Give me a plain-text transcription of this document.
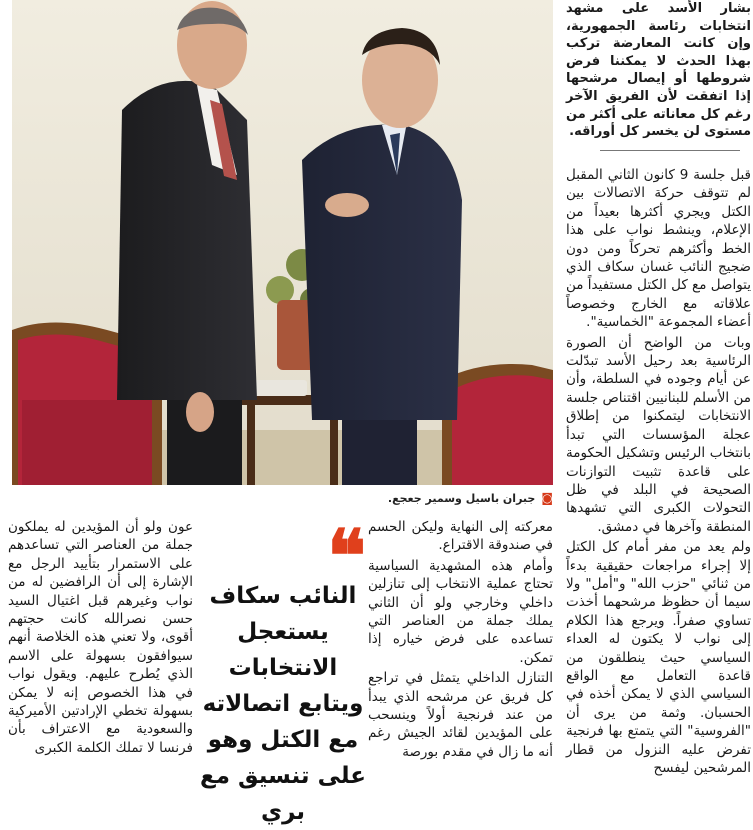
◙جبران باسيل وسمير جعجع.

بشار الأسد على مشهد انتخابات رئاسة الجمهورية، وإن كانت المعارضة تركب بهذا الحدث لا يمكننا فرض شروطها أو إيصال مرشحها إذا اتفقت لأن الفريق الآخر رغم كل معاناته على أكثر من مستوى لن يخسر كل أوراقه.

قبل جلسة 9 كانون الثاني المقبل لم تتوقف حركة الاتصالات بين الكتل ويجري أكثرها بعيداً من الإعلام، وينشط نواب على هذا الخط وأكثرهم تحركاً ومن دون ضجيج النائب غسان سكاف الذي يتواصل مع كل الكتل مستفيداً من علاقاته مع الخارج وخصوصاً أعضاء المجموعة "الخماسية".

وبات من الواضح أن الصورة الرئاسية بعد رحيل الأسد تبدّلت عن أيام وجوده في السلطة، وأن من الأسلم للبنانيين اقتناص جلسة الانتخابات ليتمكنوا من إطلاق عجلة المؤسسات التي تبدأ بانتخاب الرئيس وتشكيل الحكومة على قاعدة تثبيت التوازنات الصحيحة في البلد في ظل التحولات الكبرى التي تشهدها المنطقة وآخرها في دمشق.

ولم يعد من مفر أمام كل الكتل إلا إجراء مراجعات حقيقية بدءاً من ثنائي "حزب الله" و"أمل" ولا سيما أن حظوظ مرشحهما أخذت تساوي صفراً. ويرجع هذا الكلام إلى نواب لا يكتون له العداء السياسي حيث ينطلقون من قاعدة التعامل مع الواقع السياسي الذي لا يمكن أخذه في الحسبان. وثمة من يرى أن "الفروسية" التي يتمتع بها فرنجية تفرض عليه النزول من قطار المرشحين ليفسح

معركته إلى النهاية وليكن الحسم في صندوقة الاقتراع.

وأمام هذه المشهدية السياسية تحتاج عملية الانتخاب إلى تنازلين داخلي وخارجي ولو أن الثاني يملك جملة من العناصر التي تساعده على فرض خياره إذا تمكن.

التنازل الداخلي يتمثل في تراجع كل فريق عن مرشحه الذي يبدأ من عند فرنجية أولاً وينسحب على المؤيدين لقائد الجيش رغم أنه ما زال في مقدم بورصة

❝
النائب سكاف يستعجل الانتخابات ويتابع اتصالاته مع الكتل وهو على تنسيق مع بري

عون ولو أن المؤيدين له يملكون جملة من العناصر التي تساعدهم على الاستمرار بتأييد الرجل مع الإشارة إلى أن الرافضين له من نواب وغيرهم قبل اغتيال السيد حسن نصرالله كانت حجتهم أقوى، ولا تعني هذه الخلاصة أنهم سيوافقون بسهولة على الاسم الذي يُطرح عليهم. ويقول نواب في هذا الخصوص إنه لا يمكن بسهولة تخطي الإرادتين الأميركية والسعودية مع الاعتراف بأن فرنسا لا تملك الكلمة الكبرى
